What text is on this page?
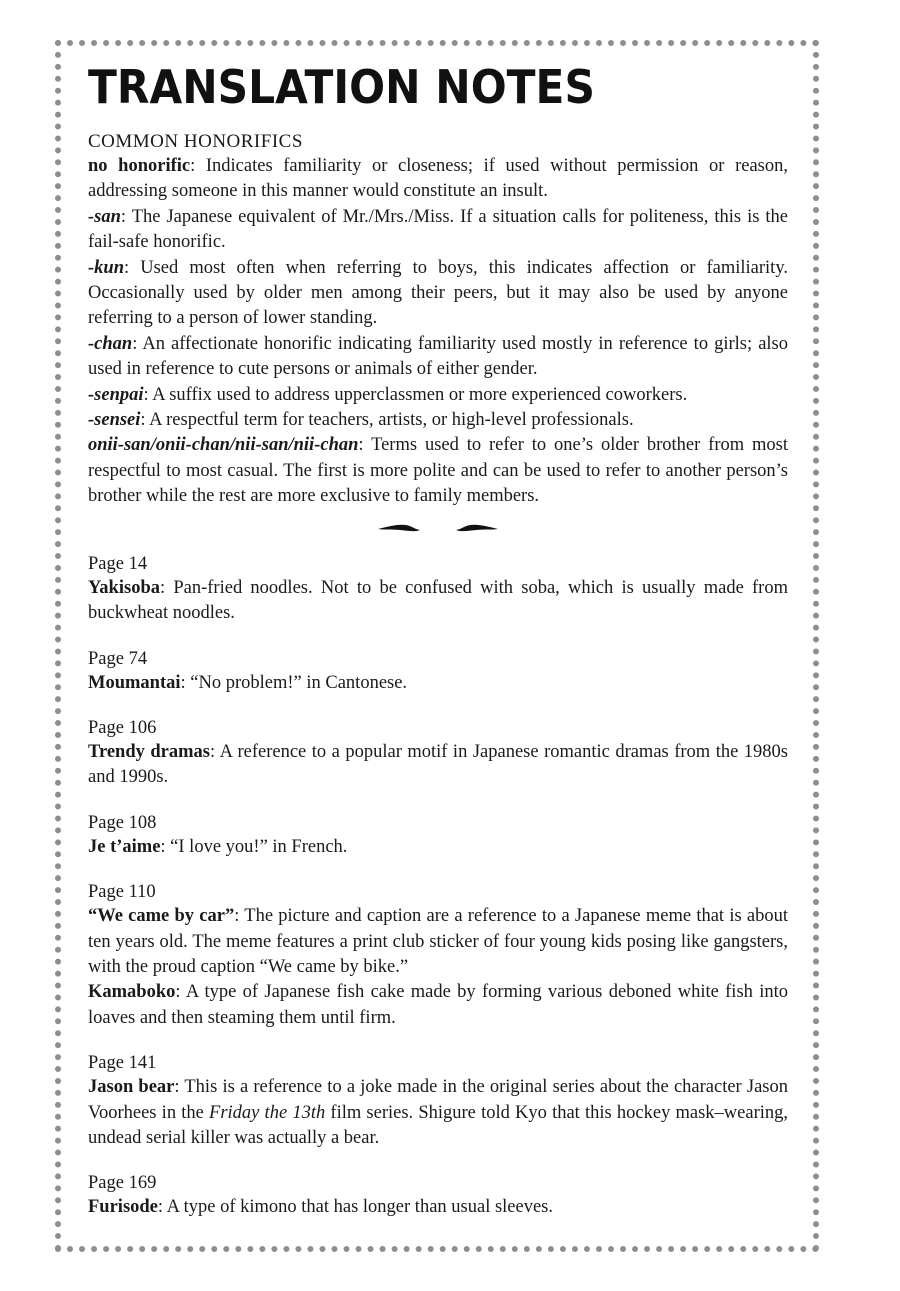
TRANSLATION NOTES
COMMON HONORIFICS

no honorific: Indicates familiarity or closeness; if used without permission or reason, addressing someone in this manner would constitute an insult.

-san: The Japanese equivalent of Mr./Mrs./Miss. If a situation calls for politeness, this is the fail-safe honorific.

-kun: Used most often when referring to boys, this indicates affection or familiarity. Occasionally used by older men among their peers, but it may also be used by anyone referring to a person of lower standing.

-chan: An affectionate honorific indicating familiarity used mostly in reference to girls; also used in reference to cute persons or animals of either gender.

-senpai: A suffix used to address upperclassmen or more experienced coworkers.

-sensei: A respectful term for teachers, artists, or high-level professionals.

onii-san/onii-chan/nii-san/nii-chan: Terms used to refer to one’s older brother from most respectful to most casual. The first is more polite and can be used to refer to another person’s brother while the rest are more exclusive to family members.

Page 14

Yakisoba: Pan-fried noodles. Not to be confused with soba, which is usually made from buckwheat noodles.

Page 74

Moumantai: “No problem!” in Cantonese.

Page 106

Trendy dramas: A reference to a popular motif in Japanese romantic dramas from the 1980s and 1990s.

Page 108

Je t’aime: “I love you!” in French.

Page 110

“We came by car”: The picture and caption are a reference to a Japanese meme that is about ten years old. The meme features a print club sticker of four young kids posing like gangsters, with the proud caption “We came by bike.”

Kamaboko: A type of Japanese fish cake made by forming various deboned white fish into loaves and then steaming them until firm.

Page 141

Jason bear: This is a reference to a joke made in the original series about the character Jason Voorhees in the Friday the 13th film series. Shigure told Kyo that this hockey mask–wearing, undead serial killer was actually a bear.

Page 169

Furisode: A type of kimono that has longer than usual sleeves.
